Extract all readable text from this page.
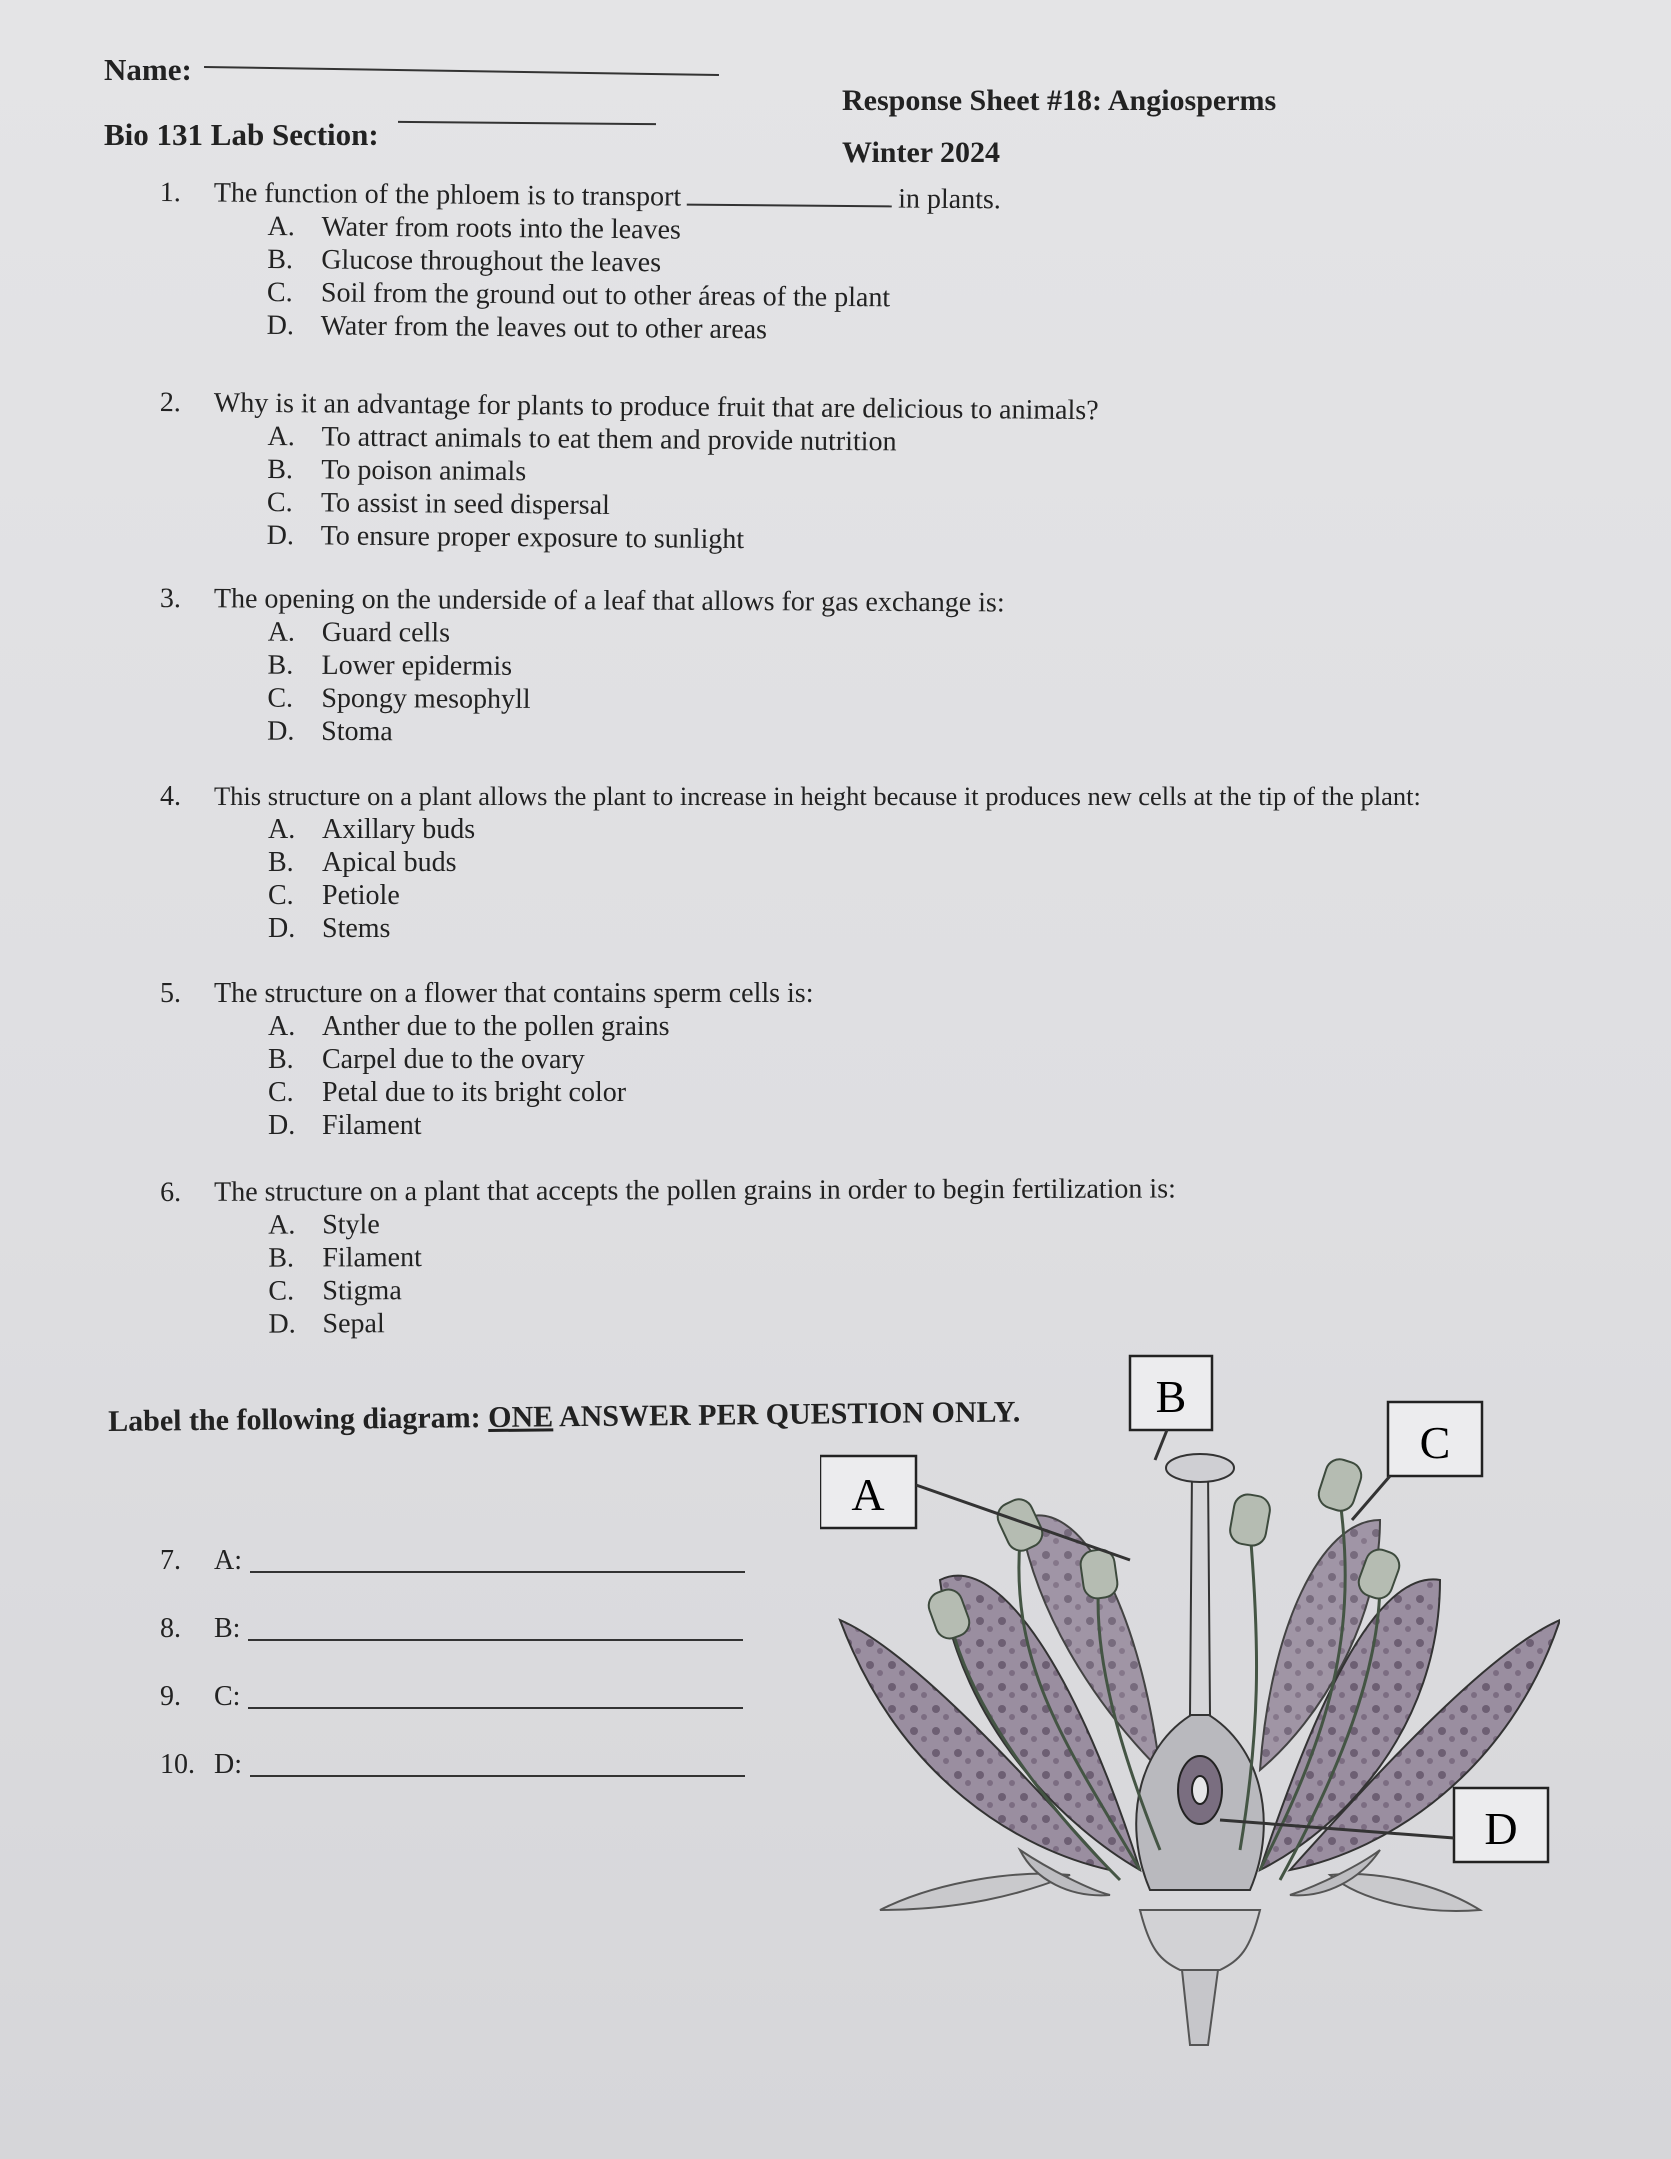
Name:
Bio 131 Lab Section:
Response Sheet #18: Angiosperms
Winter 2024
1. The function of the phloem is to transport	in plants.
A. Water from roots into the leaves
B.	Glucose throughout the leaves
C.	Soil from the ground out to other áreas of the plant
D. Water from the leaves out to other areas
2. Why is it an advantage for plants to produce fruit that are delicious to animals?
A. To attract animals to eat them and provide nutrition
B.	To poison animals
C.	To assist in seed dispersal
D. To ensure proper exposure to sunlight
3. The opening on the underside of a leaf that allows for gas exchange is:
A. Guard cells
B.	Lower epidermis
C.	Spongy mesophyll
D. Stoma
4. This structure on a plant allows the plant to increase in height because it produces new cells at the tip of the plant:
A. Axillary buds
B.	Apical buds
C.	Petiole
D. Stems
5. The structure on a flower that contains sperm cells is:
A. Anther due to the pollen grains
B.	Carpel due to the ovary
C.	Petal due to its bright color
D. Filament
6. The structure on a plant that accepts the pollen grains in order to begin fertilization is:
A. Style
B.	Filament
C.	Stigma
D. Sepal
Label the following diagram: ONE ANSWER PER QUESTION ONLY.
7. A:
8. B:
9. C:
10. D:
A
B
C
D
